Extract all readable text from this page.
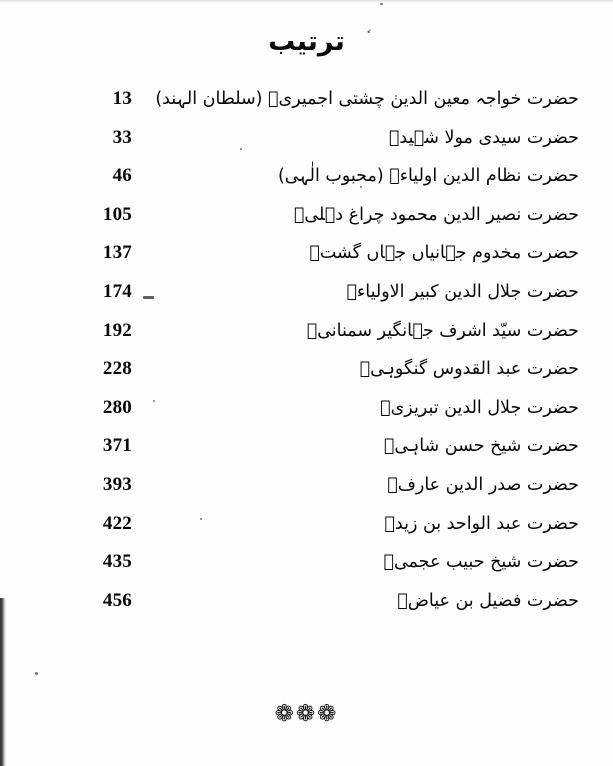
ترتیب
13 حضرت خواجہ معین الدین چشتی اجمیریؒ (سلطان الہند)
33	حضرت سیدی مولا شہیدؒ
46	حضرت نظام الدین اولیاءؒ (محبوب الٰہی)
105	حضرت نصیر الدین محمود چراغ دہلیؒ
137	حضرت مخدوم جہانیاں جہاں گشتؒ
174	حضرت جلال الدین کبیر الاولیاءؒ
192	حضرت سیّد اشرف جہانگیر سمنانیؒ
228	حضرت عبد القدوس گنگوہیؒ
280	حضرت جلال الدین تبریزیؒ
371	حضرت شیخ حسن شاہیؒ
393	حضرت صدر الدین عارفؒ
422	حضرت عبد الواحد بن زیدؒ
435	حضرت شیخ حبیب عجمیؒ
456	حضرت فضیل بن عیاضؒ
❁❁❁
